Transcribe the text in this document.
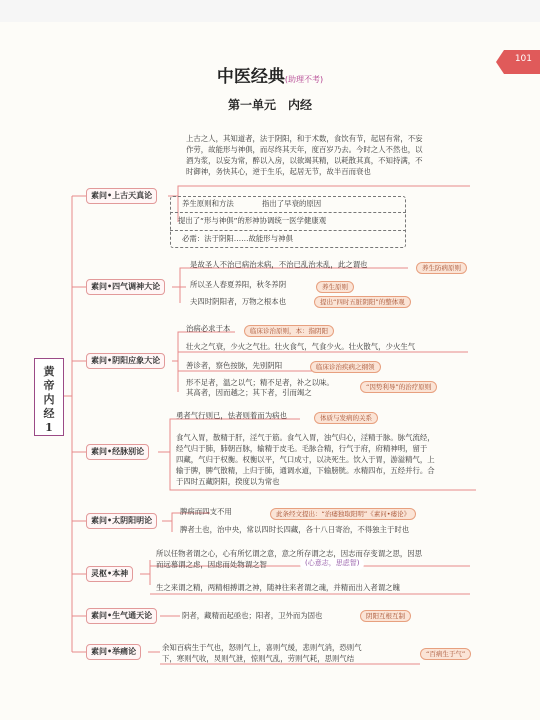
101
中医经典(助理不考)
第一单元　内经
黄
帝
内
经
1
素问•上古天真论
上古之人，其知道者，法于阴阳，和于术数，食饮有节，起居有常，不妄
作劳，故能形与神俱，而尽终其天年，度百岁乃去。今时之人不然也，以
酒为浆，以妄为常，醉以入房，以欲竭其精，以耗散其真，不知持满，不
时御神，务快其心，逆于生乐，起居无节，故半百而衰也
养生原则和方法	指出了早衰的原因
提出了“形与神俱”的形神协调统一医学健康观
必需：法于阴阳……故能形与神俱
素问•四气调神大论
是故圣人不治已病治未病，不治已乱治未乱，此之谓也	养生防病原则
所以圣人春夏养阳，秋冬养阴	养生原则
夫四时阴阳者，万物之根本也	提出“四时五脏阴阳”的整体观
素问•阴阳应象大论
治病必求于本	临床诊治原则，本：指阴阳
壮火之气衰，少火之气壮。壮火食气，气食少火。壮火散气，少火生气
善诊者，察色按脉，先别阴阳	临床诊治疾病之纲领
形不足者，温之以气；精不足者，补之以味。
其高者，因而越之；其下者，引而竭之
“因势利导”的治疗原则
素问•经脉别论
勇者气行则已，怯者则着而为病也	体质与发病的关系
食气入胃，散精于肝，淫气于筋。食气入胃，浊气归心，淫精于脉。脉气流经，
经气归于肺，肺朝百脉，输精于皮毛。毛脉合精，行气于府，府精神明，留于
四藏，气归于权衡。权衡以平，气口成寸，以决死生。饮入于胃，游溢精气，上
输于脾，脾气散精，上归于肺，通调水道，下输膀胱。水精四布，五经并行。合
于四时五藏阴阳，揆度以为常也
素问•太阴阳明论
脾病而四支不用	此条经文提出：“治痿独取阳明”《素问•痿论》
脾者土也，治中央，常以四时长四藏，各十八日寄治，不得独主于时也
灵枢•本神
所以任物者谓之心，心有所忆谓之意，意之所存谓之志，因志而存变谓之思，因思
而远慕谓之虑，因虑而处物谓之智	(心意志，思虑智)
生之来谓之精，两精相搏谓之神，随神往来者谓之魂，并精而出入者谓之魄
素问•生气通天论	阴者，藏精而起亟也；阳者，卫外而为固也	阴阳互根互制
素问•举痛论	余知百病生于气也，怒则气上，喜则气缓，悲则气消，恐则气
下，寒则气收，炅则气泄，惊则气乱，劳则气耗，思则气结	“百病生于气”
